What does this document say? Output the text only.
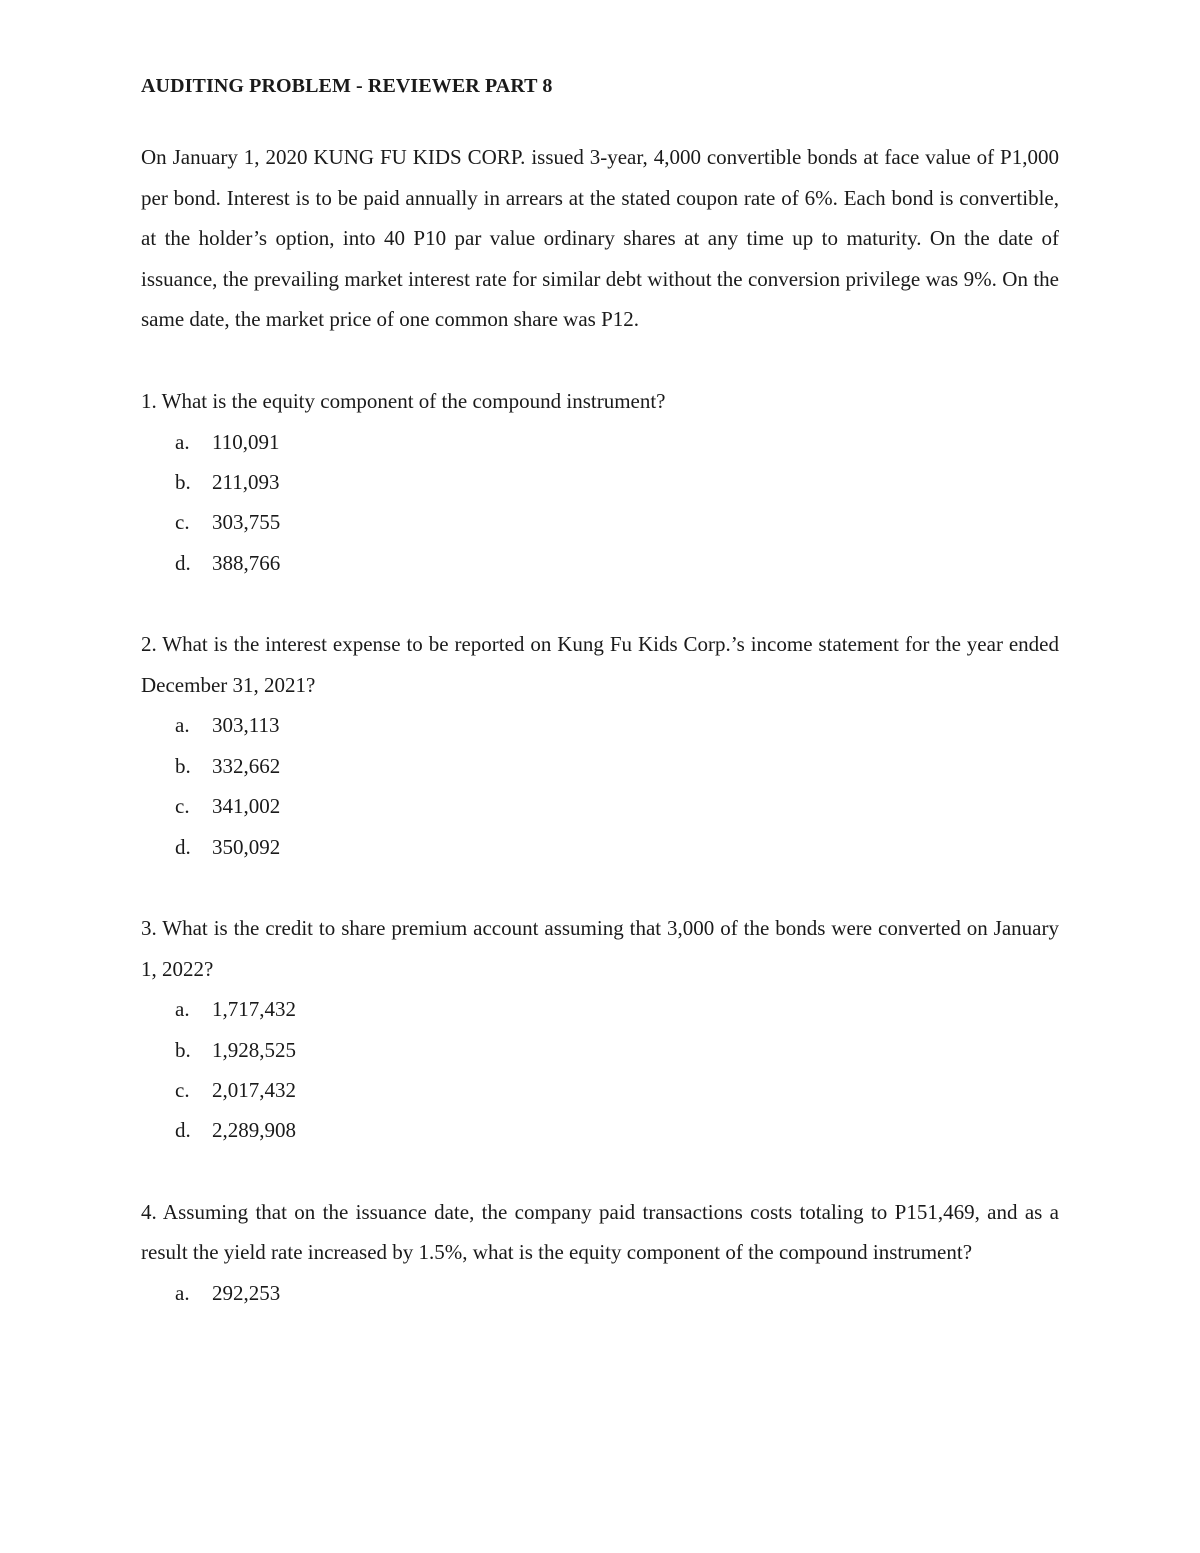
AUDITING PROBLEM - REVIEWER PART 8

On January 1, 2020 KUNG FU KIDS CORP. issued 3-year, 4,000 convertible bonds at face value of P1,000 per bond. Interest is to be paid annually in arrears at the stated coupon rate of 6%. Each bond is convertible, at the holder’s option, into 40 P10 par value ordinary shares at any time up to maturity. On the date of issuance, the prevailing market interest rate for similar debt without the conversion privilege was 9%. On the same date, the market price of one common share was P12.

1. What is the equity component of the compound instrument?

a.	110,091
b.	211,093
c.	303,755
d.	388,766

2. What is the interest expense to be reported on Kung Fu Kids Corp.’s income statement for the year ended December 31, 2021?

a.	303,113
b.	332,662
c.	341,002
d.	350,092

3. What is the credit to share premium account assuming that 3,000 of the bonds were converted on January 1, 2022?

a.	1,717,432
b.	1,928,525
c.	2,017,432
d.	2,289,908

4. Assuming that on the issuance date, the company paid transactions costs totaling to P151,469, and as a result the yield rate increased by 1.5%, what is the equity component of the compound instrument?

a.	292,253
